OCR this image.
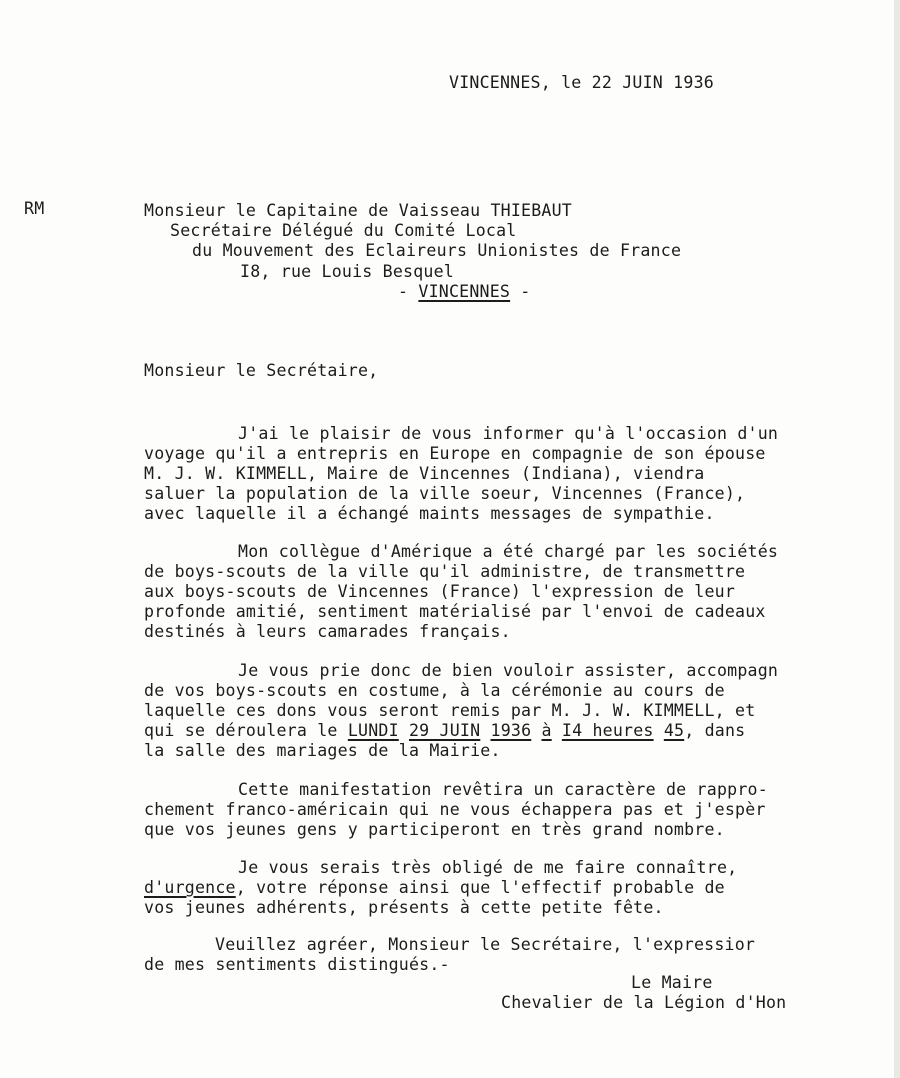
VINCENNES, le 22 JUIN 1936
RM	Monsieur le Capitaine de Vaisseau THIEBAUT
Secrétaire Délégué du Comité Local
du Mouvement des Eclaireurs Unionistes de France
I8, rue Louis Besquel
- VINCENNES -
Monsieur le Secrétaire,
J'ai le plaisir de vous informer qu'à l'occasion d'un
voyage qu'il a entrepris en Europe en compagnie de son épouse
M. J. W. KIMMELL, Maire de Vincennes (Indiana), viendra
saluer la population de la ville soeur, Vincennes (France),
avec laquelle il a échangé maints messages de sympathie.
Mon collègue d'Amérique a été chargé par les sociétés
de boys-scouts de la ville qu'il administre, de transmettre
aux boys-scouts de Vincennes (France) l'expression de leur
profonde amitié, sentiment matérialisé par l'envoi de cadeaux
destinés à leurs camarades français.
Je vous prie donc de bien vouloir assister, accompagn
de vos boys-scouts en costume, à la cérémonie au cours de
laquelle ces dons vous seront remis par M. J. W. KIMMELL, et
qui se déroulera le LUNDI 29 JUIN 1936 à I4 heures 45, dans
la salle des mariages de la Mairie.
Cette manifestation revêtira un caractère de rappro-
chement franco-américain qui ne vous échappera pas et j'espèr
que vos jeunes gens y participeront en très grand nombre.
Je vous serais très obligé de me faire connaître,
d'urgence, votre réponse ainsi que l'effectif probable de
vos jeunes adhérents, présents à cette petite fête.
Veuillez agréer, Monsieur le Secrétaire, l'expressior
de mes sentiments distingués.-
Le Maire
Chevalier de la Légion d'Hon
